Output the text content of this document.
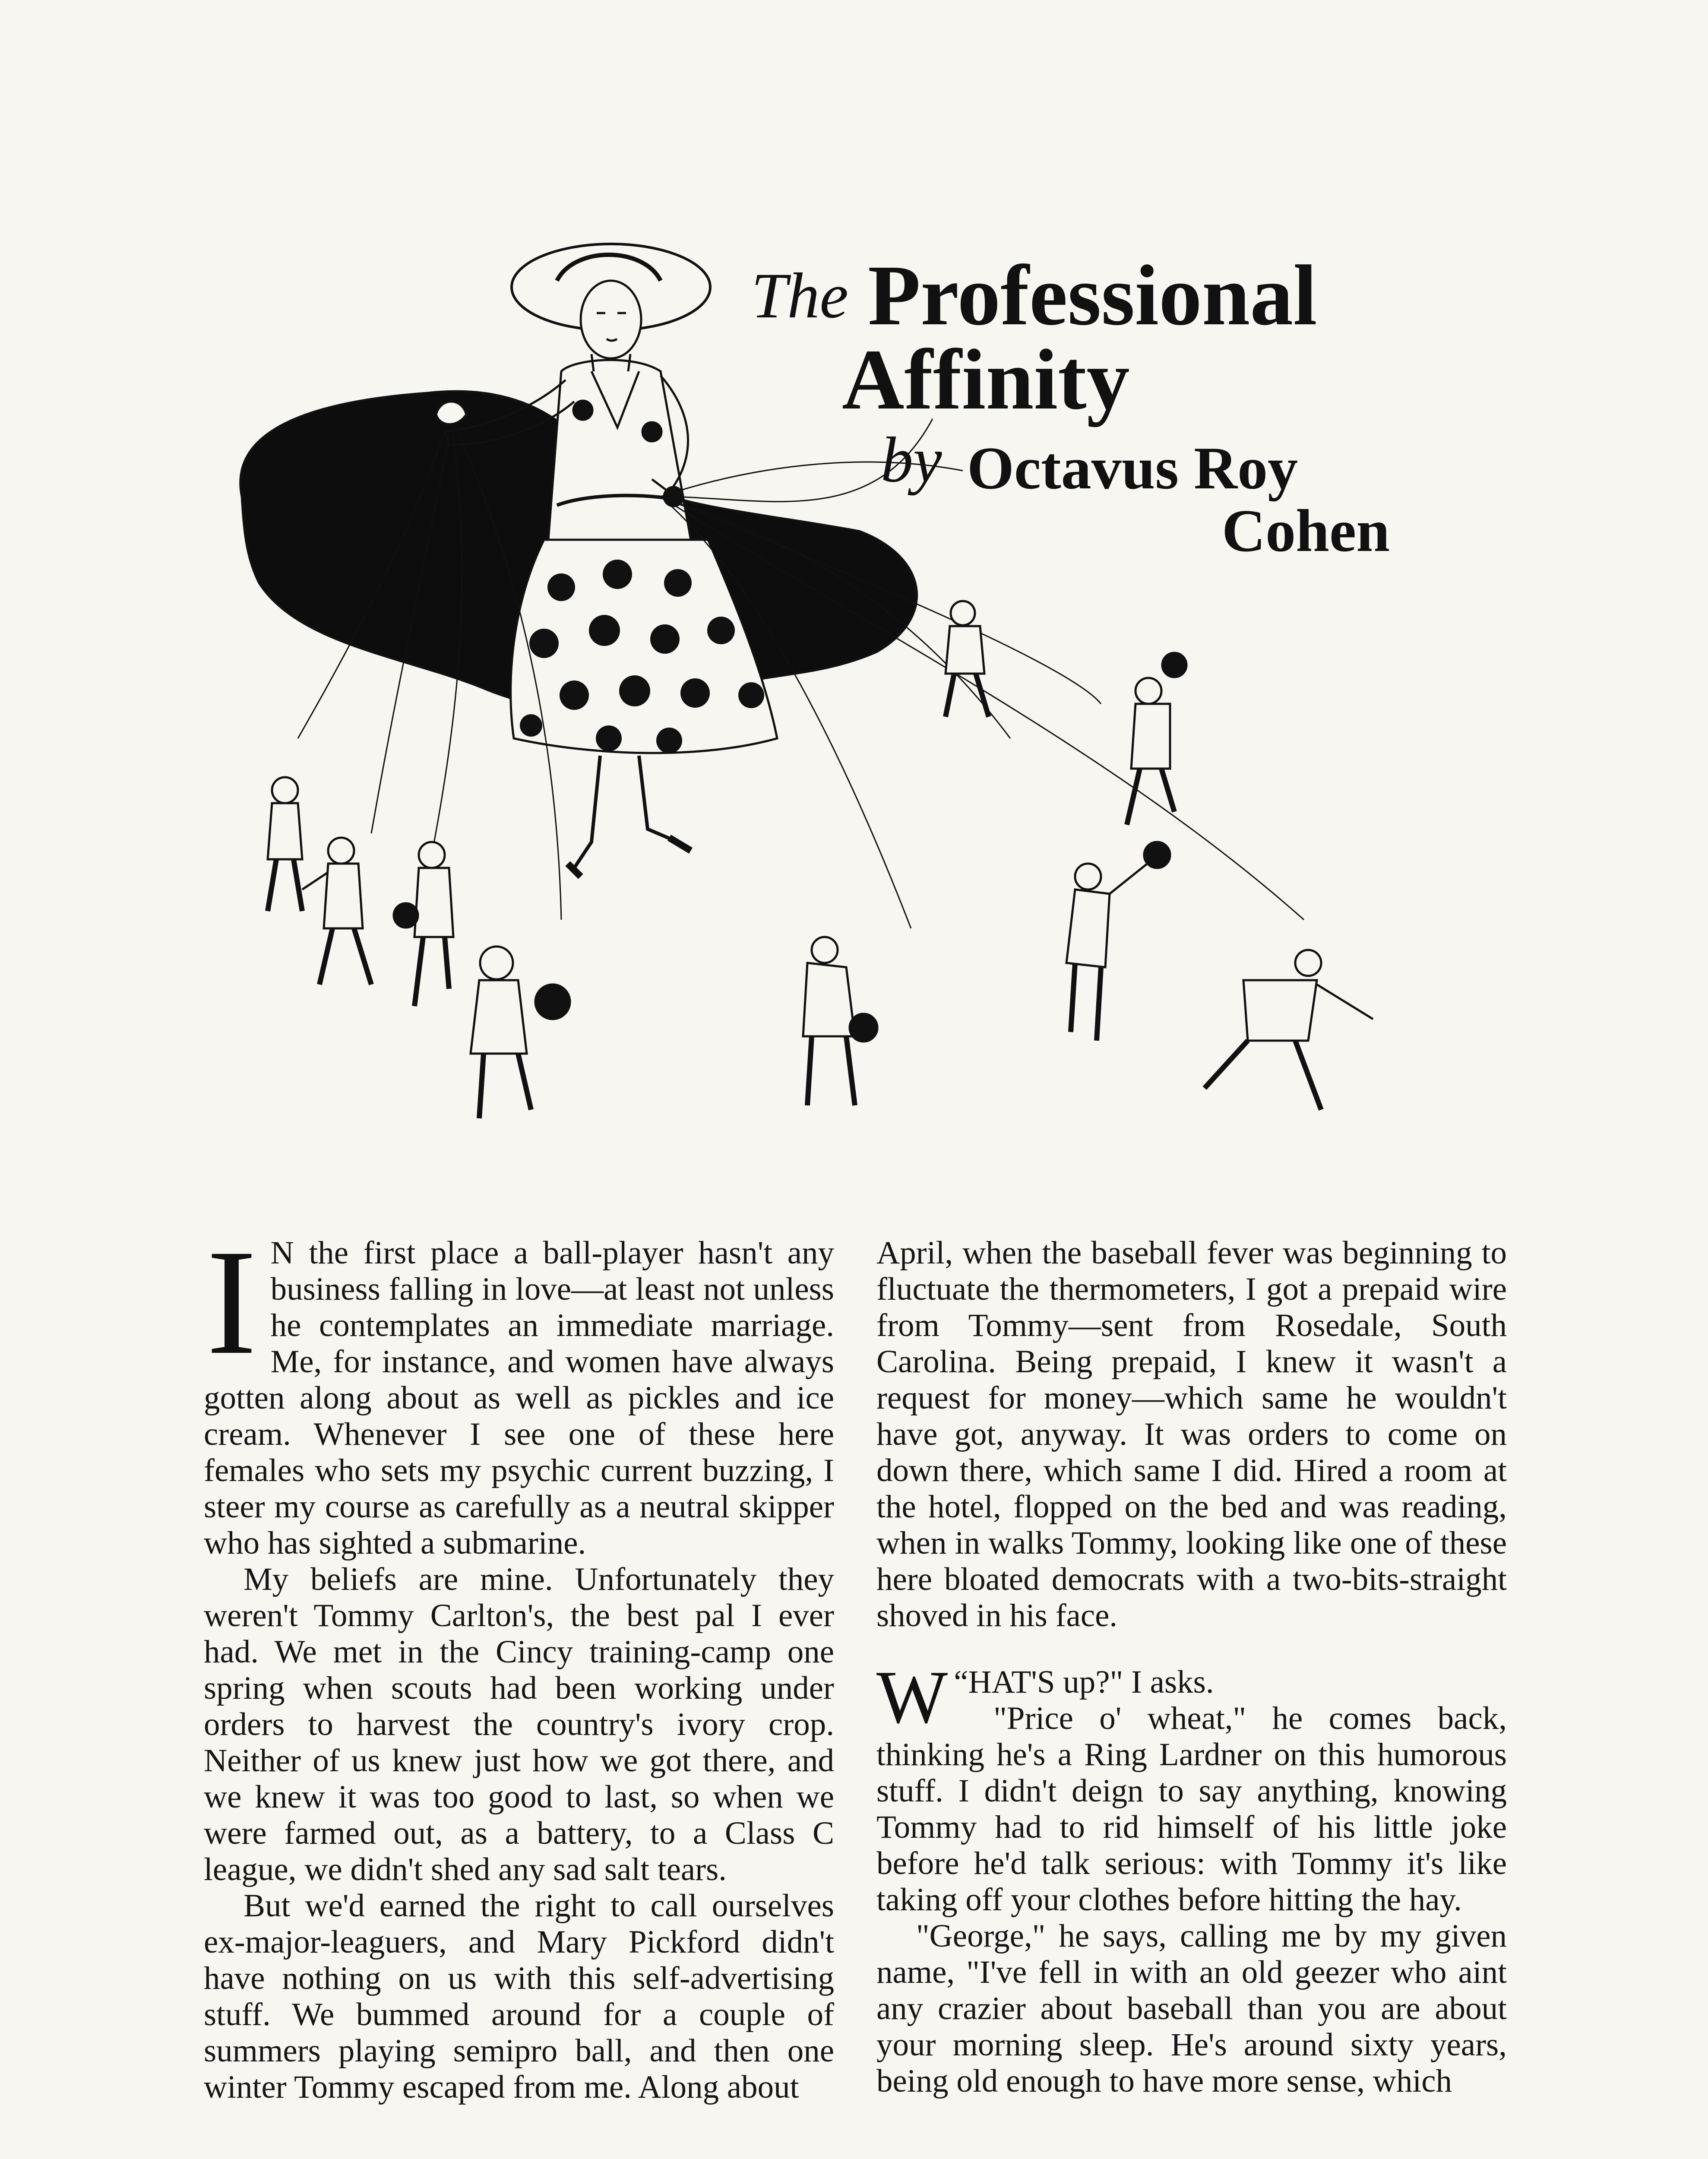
The Professional
Affinity
by Octavus Roy
Cohen

I N the first place a ball-player hasn't any business falling in love—at least not unless he contemplates an immediate marriage. Me, for instance, and women have always gotten along about as well as pickles and ice cream. Whenever I see one of these here females who sets my psychic current buzzing, I steer my course as carefully as a neutral skipper who has sighted a submarine.

My beliefs are mine. Unfortunately they weren't Tommy Carlton's, the best pal I ever had. We met in the Cincy training-camp one spring when scouts had been working under orders to harvest the country's ivory crop. Neither of us knew just how we got there, and we knew it was too good to last, so when we were farmed out, as a battery, to a Class C league, we didn't shed any sad salt tears.

But we'd earned the right to call ourselves ex-major-leaguers, and Mary Pickford didn't have nothing on us with this self-advertising stuff. We bummed around for a couple of summers playing semipro ball, and then one winter Tommy escaped from me. Along about

April, when the baseball fever was beginning to fluctuate the thermometers, I got a prepaid wire from Tommy—sent from Rosedale, South Carolina. Being prepaid, I knew it wasn't a request for money—which same he wouldn't have got, anyway. It was orders to come on down there, which same I did. Hired a room at the hotel, flopped on the bed and was reading, when in walks Tommy, looking like one of these here bloated democrats with a two-bits-straight shoved in his face.

“
W HAT'S up?" I asks.

"Price o' wheat," he comes back, thinking he's a Ring Lardner on this humorous stuff. I didn't deign to say anything, knowing Tommy had to rid himself of his little joke before he'd talk serious: with Tommy it's like taking off your clothes before hitting the hay.

"George," he says, calling me by my given name, "I've fell in with an old geezer who aint any crazier about baseball than you are about your morning sleep. He's around sixty years, being old enough to have more sense, which
